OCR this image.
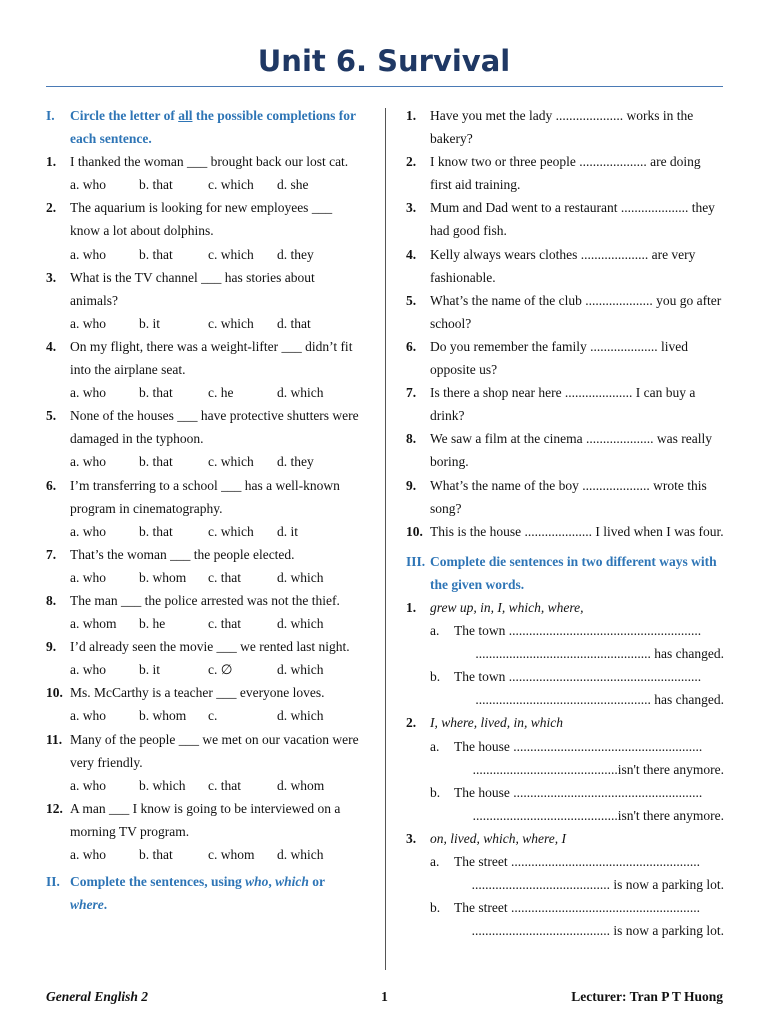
Unit 6. Survival
I. Circle the letter of all the possible completions for each sentence.
1. I thanked the woman ___ brought back our lost cat.
a. who	b. that	c. which	d. she
2. The aquarium is looking for new employees ___ know a lot about dolphins.
a. who	b. that	c. which	d. they
3. What is the TV channel ___ has stories about animals?
a. who	b. it	c. which	d. that
4. On my flight, there was a weight-lifter ___ didn’t fit into the airplane seat.
a. who	b. that	c. he	d. which
5. None of the houses ___ have protective shutters were damaged in the typhoon.
a. who	b. that	c. which	d. they
6. I’m transferring to a school ___ has a well-known program in cinematography.
a. who	b. that	c. which	d. it
7. That’s the woman ___ the people elected.
a. who	b. whom	c. that	d. which
8. The man ___ the police arrested was not the thief.
a. whom	b. he	c. that	d. which
9. I’d already seen the movie ___ we rented last night.
a. who	b. it	c. ∅	d. which
10. Ms. McCarthy is a teacher ___ everyone loves.
a. who	b. whom	c.	d. which
11. Many of the people ___ we met on our vacation were very friendly.
a. who	b. which	c. that	d. whom
12. A man ___ I know is going to be interviewed on a morning TV program.
a. who	b. that	c. whom	d. which
II. Complete the sentences, using who, which or where.
1. Have you met the lady .................... works in the bakery?
2. I know two or three people .................... are doing first aid training.
3. Mum and Dad went to a restaurant .................... they had good fish.
4. Kelly always wears clothes .................... are very fashionable.
5. What’s the name of the club .................... you go after school?
6. Do you remember the family .................... lived opposite us?
7. Is there a shop near here .................... I can buy a drink?
8. We saw a film at the cinema .................... was really boring.
9. What’s the name of the boy .................... wrote this song?
10. This is the house .................... I lived when I was four.
III. Complete die sentences in two different ways with the given words.
1. grew up, in, I, which, where,
a. The town .........................................................
.................................................... has changed.
b. The town .........................................................
.................................................... has changed.
2. I, where, lived, in, which
a. The house ........................................................
...........................................isn't there anymore.
b. The house ........................................................
...........................................isn't there anymore.
3. on, lived, which, where, I
a. The street ........................................................
......................................... is now a parking lot.
b. The street ........................................................
......................................... is now a parking lot.
General English 2	1	Lecturer: Tran P T Huong
